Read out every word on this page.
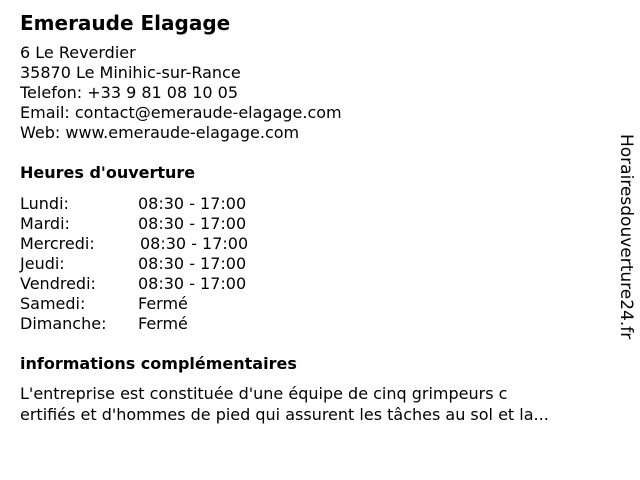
Emeraude Elagage
6 Le Reverdier
35870 Le Minihic-sur-Rance
Telefon: +33 9 81 08 10 05
Email: contact@emeraude-elagage.com
Web: www.emeraude-elagage.com
Heures d'ouverture
Lundi:	08:30 - 17:00
Mardi:	08:30 - 17:00
Mercredi:	08:30 - 17:00
Jeudi:	08:30 - 17:00
Vendredi:	08:30 - 17:00
Samedi:	Fermé
Dimanche: Fermé
informations complémentaires
L'entreprise est constituée d'une équipe de cinq grimpeurs c
ertifiés et d'hommes de pied qui assurent les tâches au sol et la...
Horairesdouverture24.fr
